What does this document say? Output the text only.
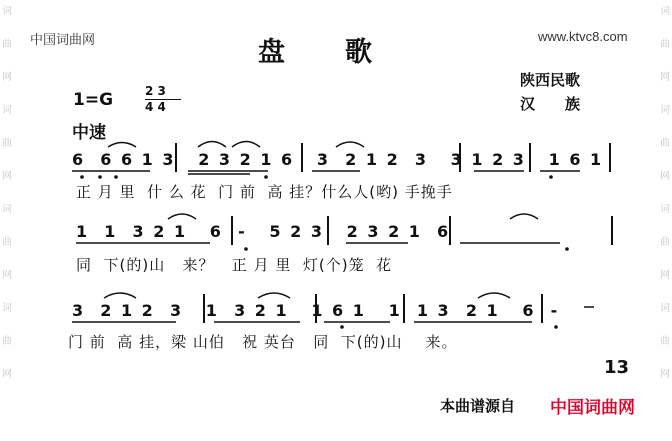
词
曲
网
词
曲
网
词
曲
网
词
曲
网
词
曲
网
词
曲
网
词
曲
网
词
曲
网
中国词曲网	www.ktvc8.com
盘歌
陕西民歌
汉　　族
1=G	2 3
4 4
中速
6  6 6 1 3   2 3 2 1 6   3  2 1 2  3   3 1 2 3   1 6 1
正 月 里  什 么 花  门 前  高 挂？什么人(哟) 手挽手
1  1  3 2 1   6  -   5 2 3   2 3 2 1  6
同  下(的)山   来？   正 月 里  灯(个)笼  花
3  2 1 2  3   1  3 2 1   1 6 1   1  1 3  2 1   6  -
门 前  高 挂，梁 山伯   祝 英台   同  下(的)山    来。
13
本曲谱源自 中国词曲网
